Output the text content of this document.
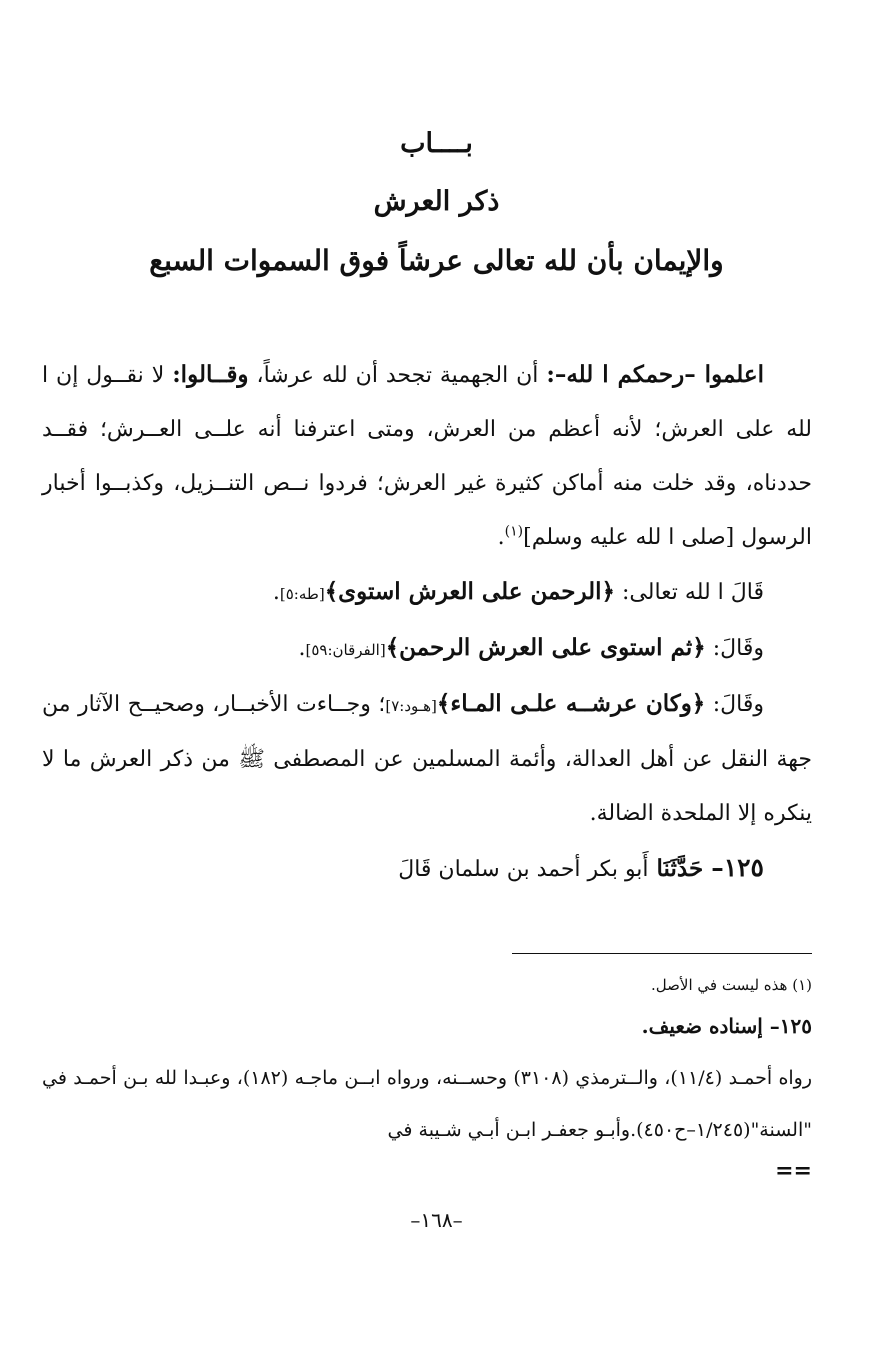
بــــاب
ذكر العرش
والإيمان بأن لله تعالى عرشاً فوق السموات السبع

اعلموا –رحمكم ا لله–: أن الجهمية تجحد أن لله عرشاً، وقــالوا: لا نقــول إن ا لله على العرش؛ لأنه أعظم من العرش، ومتى اعترفنا أنه علــى العــرش؛ فقــد حددناه، وقد خلت منه أماكن كثيرة غير العرش؛ فردوا نــص التنــزيل، وكذبــوا أخبار الرسول [صلى ا لله عليه وسلم]$^{(١)}$.

قَالَ ا لله تعالى: ﴿الرحمن على العرش استوى﴾[طه:٥].

وقَالَ: ﴿ثم استوى على العرش الرحمن﴾[الفرقان:٥٩].

وقَالَ: ﴿وكان عرشــه علـى المـاء﴾[هـود:٧]؛ وجــاءت الأخبــار، وصحيــح الآثار من جهة النقل عن أهل العدالة، وأئمة المسلمين عن المصطفى ﷺ من ذكر العرش ما لا ينكره إلا الملحدة الضالة.

١٢٥– حَدَّثَنَا أَبو بكر أحمد بن سلمان قَالَ

(١) هذه ليست في الأصل.
١٢٥– إسناده ضعيف.
رواه أحمـد (١١/٤)، والــترمذي (٣١٠٨) وحســنه، ورواه ابــن ماجـه (١٨٢)، وعبـدا لله بـن أحمـد في "السنة"(١/٢٤٥–ح٤٥٠).وأبـو جعفـر ابـن أبـي شـيبة في
==
–١٦٨–
